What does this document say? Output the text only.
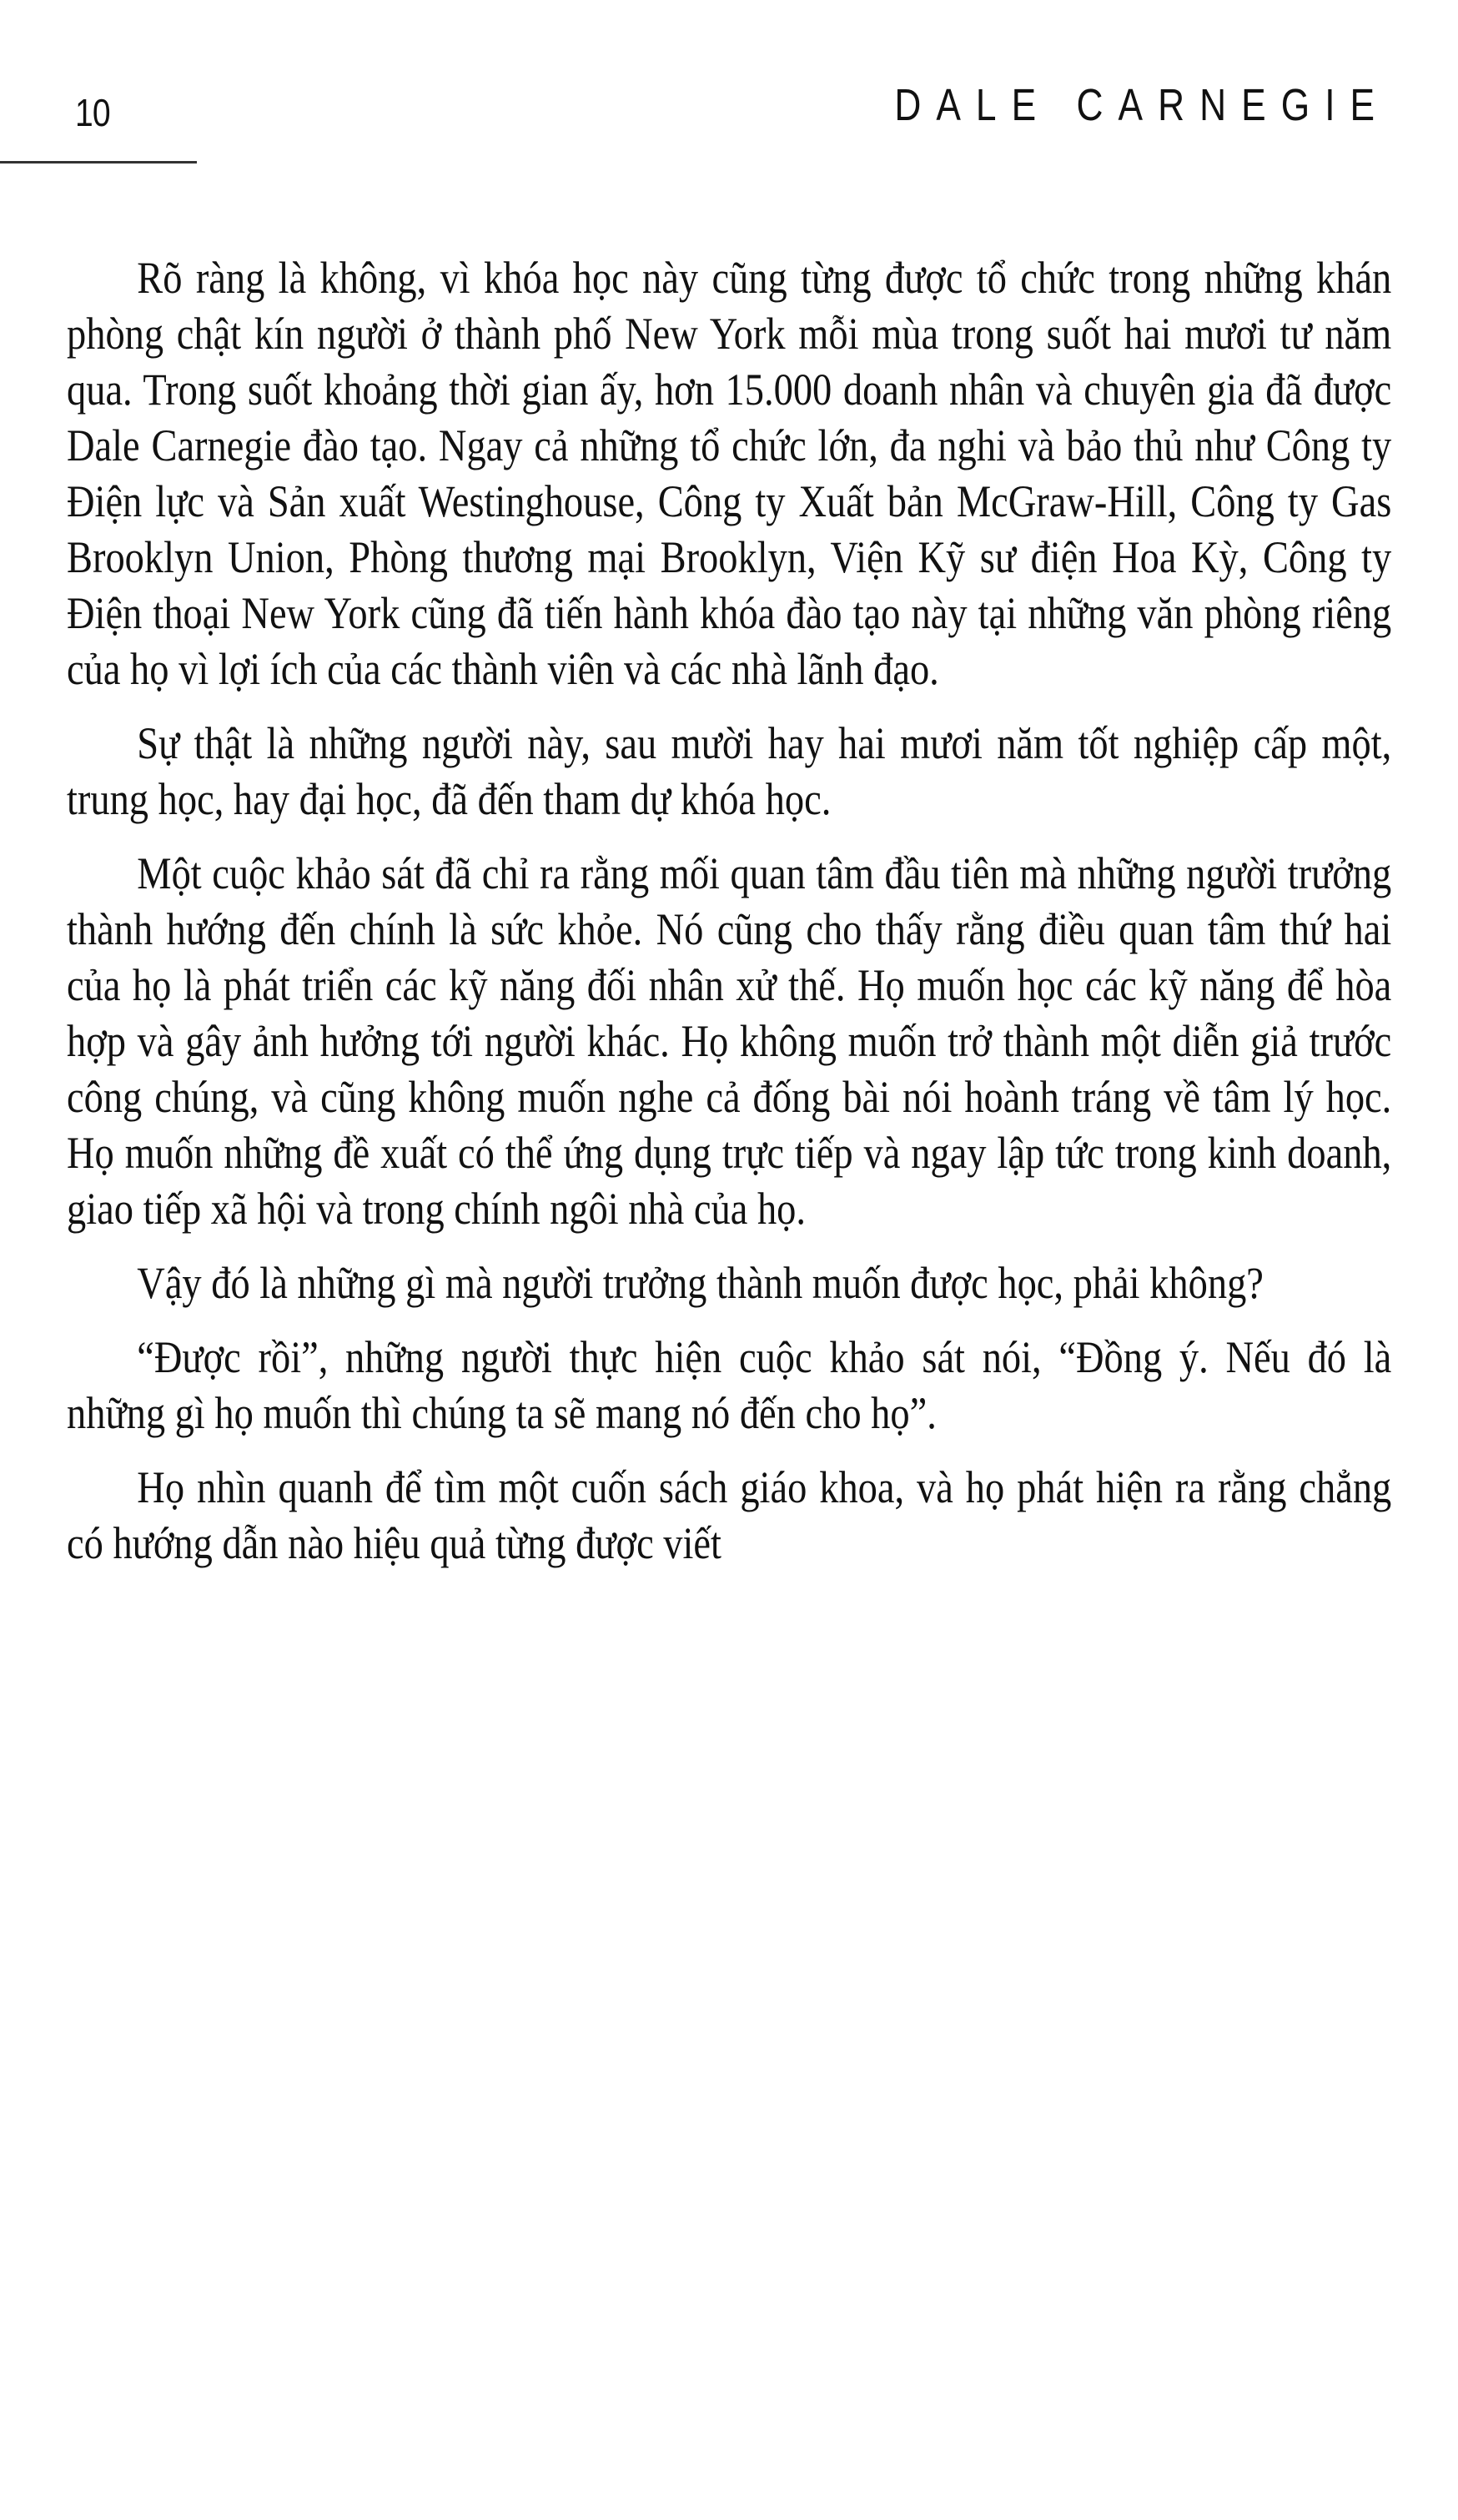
10	DALE CARNEGIE

Rõ ràng là không, vì khóa học này cũng từng được tổ chức trong những khán phòng chật kín người ở thành phố New York mỗi mùa trong suốt hai mươi tư năm qua. Trong suốt khoảng thời gian ấy, hơn 15.000 doanh nhân và chuyên gia đã được Dale Carnegie đào tạo. Ngay cả những tổ chức lớn, đa nghi và bảo thủ như Công ty Điện lực và Sản xuất Westinghouse, Công ty Xuất bản McGraw-Hill, Công ty Gas Brooklyn Union, Phòng thương mại Brooklyn, Viện Kỹ sư điện Hoa Kỳ, Công ty Điện thoại New York cũng đã tiến hành khóa đào tạo này tại những văn phòng riêng của họ vì lợi ích của các thành viên và các nhà lãnh đạo.

Sự thật là những người này, sau mười hay hai mươi năm tốt nghiệp cấp một, trung học, hay đại học, đã đến tham dự khóa học.

Một cuộc khảo sát đã chỉ ra rằng mối quan tâm đầu tiên mà những người trưởng thành hướng đến chính là sức khỏe. Nó cũng cho thấy rằng điều quan tâm thứ hai của họ là phát triển các kỹ năng đối nhân xử thế. Họ muốn học các kỹ năng để hòa hợp và gây ảnh hưởng tới người khác. Họ không muốn trở thành một diễn giả trước công chúng, và cũng không muốn nghe cả đống bài nói hoành tráng về tâm lý học. Họ muốn những đề xuất có thể ứng dụng trực tiếp và ngay lập tức trong kinh doanh, giao tiếp xã hội và trong chính ngôi nhà của họ.

Vậy đó là những gì mà người trưởng thành muốn được học, phải không?

“Được rồi”, những người thực hiện cuộc khảo sát nói, “Đồng ý. Nếu đó là những gì họ muốn thì chúng ta sẽ mang nó đến cho họ”.

Họ nhìn quanh để tìm một cuốn sách giáo khoa, và họ phát hiện ra rằng chẳng có hướng dẫn nào hiệu quả từng được viết
